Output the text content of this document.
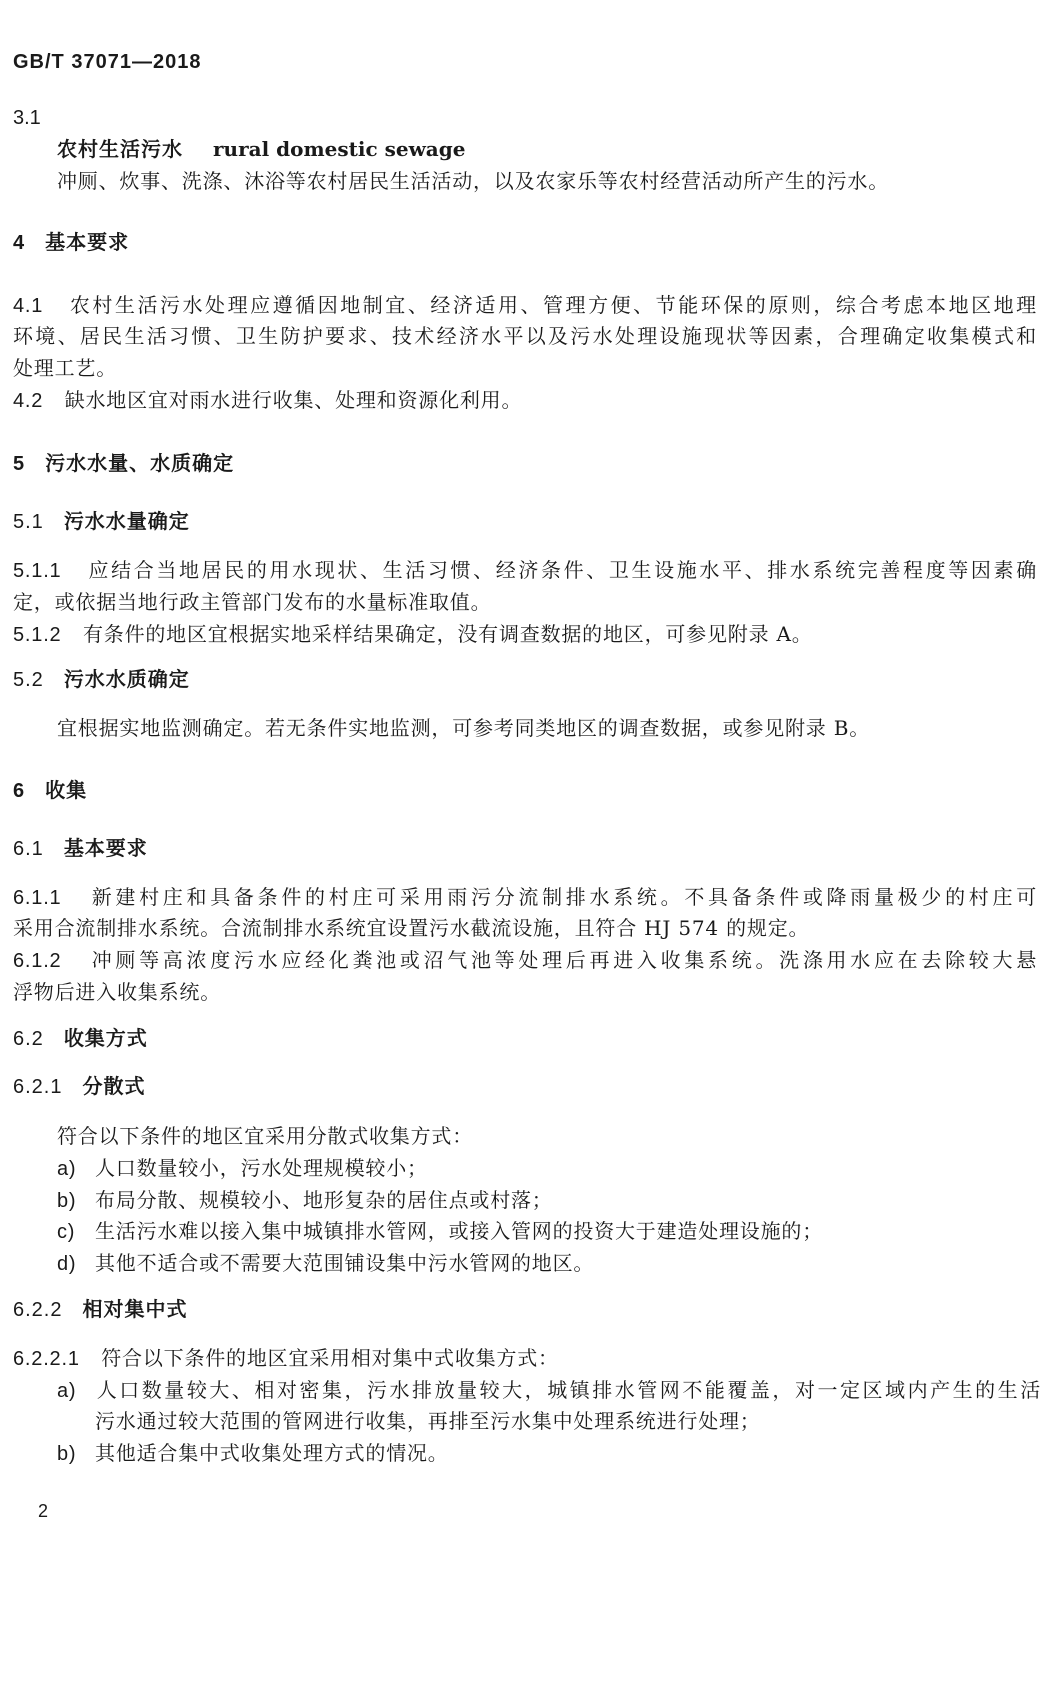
GB/T 37071—2018
3.1
农村生活污水 rural domestic sewage
冲厕、炊事、洗涤、沐浴等农村居民生活活动，以及农家乐等农村经营活动所产生的污水。
4 基本要求
4.1 农村生活污水处理应遵循因地制宜、经济适用、管理方便、节能环保的原则，综合考虑本地区地理
环境、居民生活习惯、卫生防护要求、技术经济水平以及污水处理设施现状等因素，合理确定收集模式和
处理工艺。
4.2 缺水地区宜对雨水进行收集、处理和资源化利用。
5 污水水量、水质确定
5.1 污水水量确定
5.1.1 应结合当地居民的用水现状、生活习惯、经济条件、卫生设施水平、排水系统完善程度等因素确
定，或依据当地行政主管部门发布的水量标准取值。
5.1.2 有条件的地区宜根据实地采样结果确定，没有调查数据的地区，可参见附录 A。
5.2 污水水质确定
宜根据实地监测确定。若无条件实地监测，可参考同类地区的调查数据，或参见附录 B。
6 收集
6.1 基本要求
6.1.1 新建村庄和具备条件的村庄可采用雨污分流制排水系统。不具备条件或降雨量极少的村庄可
采用合流制排水系统。合流制排水系统宜设置污水截流设施，且符合 HJ 574 的规定。
6.1.2 冲厕等高浓度污水应经化粪池或沼气池等处理后再进入收集系统。洗涤用水应在去除较大悬
浮物后进入收集系统。
6.2 收集方式
6.2.1 分散式
符合以下条件的地区宜采用分散式收集方式：
a) 人口数量较小，污水处理规模较小；
b) 布局分散、规模较小、地形复杂的居住点或村落；
c) 生活污水难以接入集中城镇排水管网，或接入管网的投资大于建造处理设施的；
d) 其他不适合或不需要大范围铺设集中污水管网的地区。
6.2.2 相对集中式
6.2.2.1 符合以下条件的地区宜采用相对集中式收集方式：
a) 人口数量较大、相对密集，污水排放量较大，城镇排水管网不能覆盖，对一定区域内产生的生活
污水通过较大范围的管网进行收集，再排至污水集中处理系统进行处理；
b) 其他适合集中式收集处理方式的情况。
2
